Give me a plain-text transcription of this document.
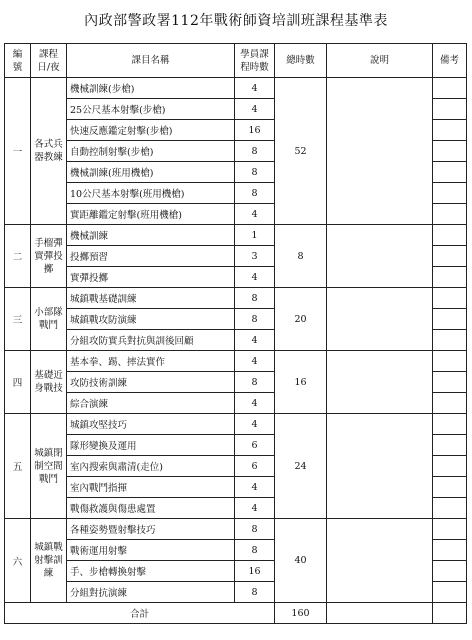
內政部警政署112年戰術師資培訓班課程基準表
編號	課程日/夜	課目名稱	學員課程時數	總時數	說明	備考
一	各式兵器教練	機械訓練(步槍)	4	52		
		25公尺基本射擊(步槍)	4			
		快速反應鑑定射擊(步槍)	16			
		自動控制射擊(步槍)	8			
		機械訓練(班用機槍)	8			
		10公尺基本射擊(班用機槍)	8			
		實距離鑑定射擊(班用機槍)	4			
二	手榴彈實彈投擲	機械訓練	1	8		
		投擲預習	3			
		實彈投擲	4			
三	小部隊戰鬥	城鎮戰基礎訓練	8	20		
		城鎮戰攻防演練	8			
		分組攻防實兵對抗與訓後回顧	4			
四	基礎近身戰技	基本拳、踢、摔法實作	4	16		
		攻防技術訓練	8			
		綜合演練	4			
五	城鎮閉制空間戰鬥	城鎮攻堅技巧	4	24		
		隊形變換及運用	6			
		室內搜索與肅清(走位)	6			
		室內戰鬥指揮	4			
		戰傷救護與傷患處置	4			
六	城鎮戰射擊訓練	各種姿勢暨射擊技巧	8	40		
		戰術運用射擊	8			
		手、步槍轉換射擊	16			
		分組對抗演練	8			
合計				160		
